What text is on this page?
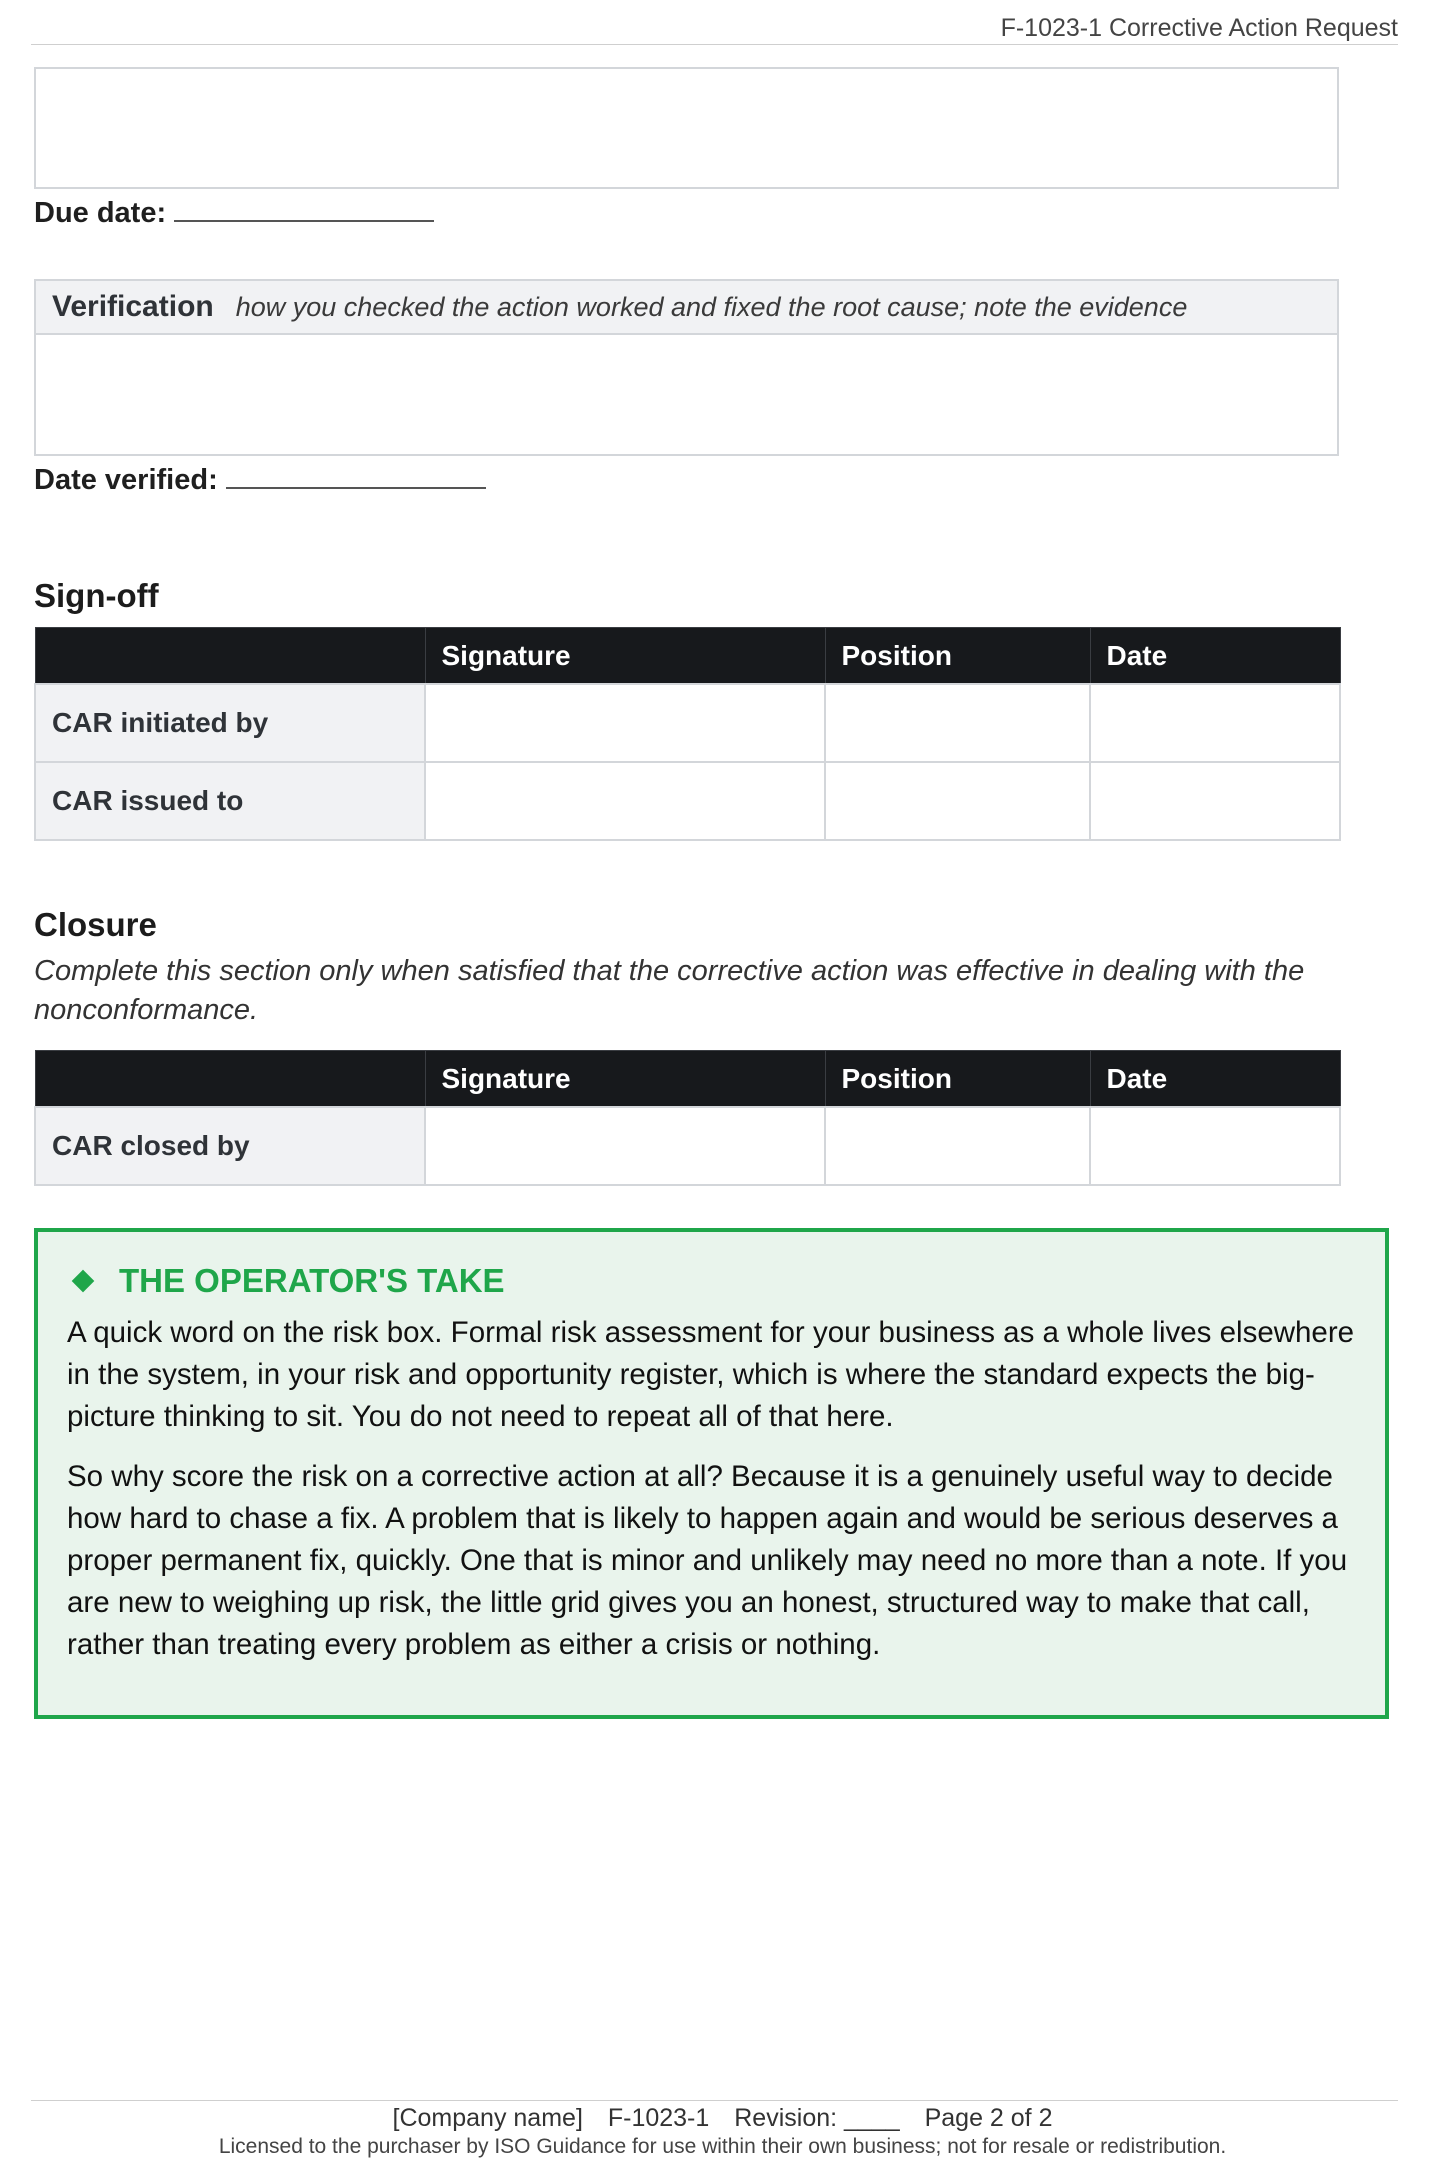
F-1023-1 Corrective Action Request
Due date:
Verification how you checked the action worked and fixed the root cause; note the evidence
Date verified:
Sign-off
	Signature	Position	Date
CAR initiated by			
CAR issued to			
Closure
Complete this section only when satisfied that the corrective action was effective in dealing with the nonconformance.
	Signature	Position	Date
CAR closed by			
THE OPERATOR'S TAKE

A quick word on the risk box. Formal risk assessment for your business as a whole lives elsewhere in the system, in your risk and opportunity register, which is where the standard expects the big-picture thinking to sit. You do not need to repeat all of that here.

So why score the risk on a corrective action at all? Because it is a genuinely useful way to decide how hard to chase a fix. A problem that is likely to happen again and would be serious deserves a proper permanent fix, quickly. One that is minor and unlikely may need no more than a note. If you are new to weighing up risk, the little grid gives you an honest, structured way to make that call, rather than treating every problem as either a crisis or nothing.

[Company name] F-1023-1 Revision: ____ Page 2 of 2
Licensed to the purchaser by ISO Guidance for use within their own business; not for resale or redistribution.
